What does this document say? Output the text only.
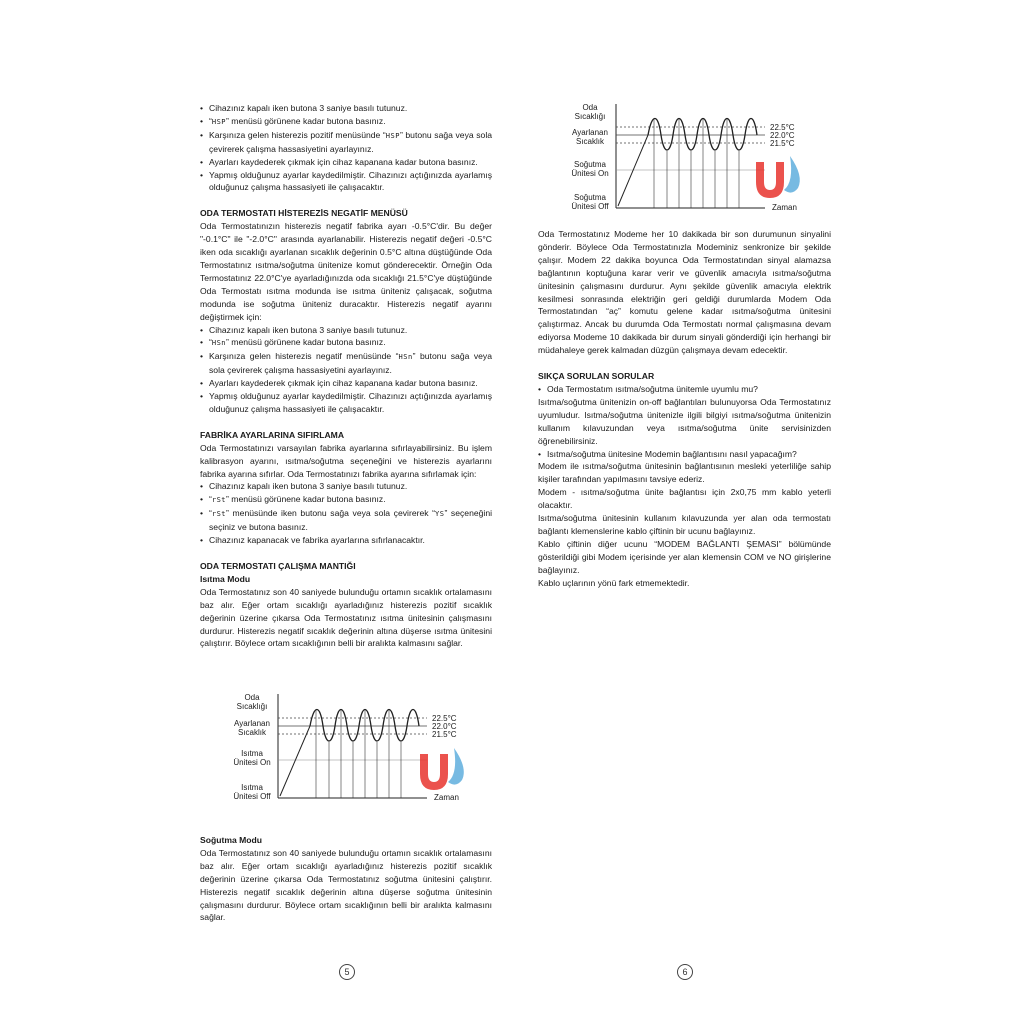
• Cihazınız kapalı iken butona 3 saniye basılı tutunuz.

• “HSP” menüsü görünene kadar butona basınız.

• Karşınıza gelen histerezis pozitif menüsünde “HSP” butonu sağa veya sola çevirerek çalışma hassasiyetini ayarlayınız.

• Ayarları kaydederek çıkmak için cihaz kapanana kadar butona basınız.

• Yapmış olduğunuz ayarlar kaydedilmiştir. Cihazınızı açtığınızda ayarlamış olduğunuz çalışma hassasiyeti ile çalışacaktır.

ODA TERMOSTATI HİSTEREZİS NEGATİF MENÜSÜ

Oda Termostatınızın histerezis negatif fabrika ayarı -0.5°C'dir. Bu değer "-0.1°C" ile "-2.0°C" arasında ayarlanabilir. Histerezis negatif değeri -0.5°C iken oda sıcaklığı ayarlanan sıcaklık değerinin 0.5°C altına düştüğünde Oda Termostatınız ısıtma/soğutma ünitenize komut gönderecektir. Örneğin Oda Termostatınız 22.0°C'ye ayarladığınızda oda sıcaklığı 21.5°C'ye düştüğünde Oda Termostatı ısıtma modunda ise ısıtma üniteniz çalışacak, soğutma modunda ise soğutma üniteniz duracaktır. Histerezis negatif ayarını değiştirmek için:

• Cihazınız kapalı iken butona 3 saniye basılı tutunuz.

• “HSn” menüsü görünene kadar butona basınız.

• Karşınıza gelen histerezis negatif menüsünde “HSn” butonu sağa veya sola çevirerek çalışma hassasiyetini ayarlayınız.

• Ayarları kaydederek çıkmak için cihaz kapanana kadar butona basınız.

• Yapmış olduğunuz ayarlar kaydedilmiştir. Cihazınızı açtığınızda ayarlamış olduğunuz çalışma hassasiyeti ile çalışacaktır.

FABRİKA AYARLARINA SIFIRLAMA

Oda Termostatınızı varsayılan fabrika ayarlarına sıfırlayabilirsiniz. Bu işlem kalibrasyon ayarını, ısıtma/soğutma seçeneğini ve histerezis ayarlarını fabrika ayarına sıfırlar. Oda Termostatınızı fabrika ayarına sıfırlamak için:

• Cihazınız kapalı iken butona 3 saniye basılı tutunuz.

• “rSt” menüsü görünene kadar butona basınız.

• “rSt” menüsünde iken butonu sağa veya sola çevirerek “YS” seçeneğini seçiniz ve butona basınız.

• Cihazınız kapanacak ve fabrika ayarlarına sıfırlanacaktır.

ODA TERMOSTATI ÇALIŞMA MANTIĞI
Isıtma Modu

Oda Termostatınız son 40 saniyede bulunduğu ortamın sıcaklık ortalamasını baz alır. Eğer ortam sıcaklığı ayarladığınız histerezis pozitif sıcaklık değerinin üzerine çıkarsa Oda Termostatınız ısıtma ünitesinin çalışmasını durdurur. Histerezis negatif sıcaklık değerinin altına düşerse ısıtma ünitesini çalıştırır. Böylece ortam sıcaklığının belli bir aralıkta kalmasını sağlar.

Oda
Sıcaklığı
Ayarlanan
Sıcaklık
Isıtma
Ünitesi On
Isıtma
Ünitesi Off
22.5°C
22.0°C
21.5°C
Zaman
Soğutma Modu

Oda Termostatınız son 40 saniyede bulunduğu ortamın sıcaklık ortalamasını baz alır. Eğer ortam sıcaklığı ayarladığınız histerezis pozitif sıcaklık değerinin üzerine çıkarsa Oda Termostatınız soğutma ünitesini çalıştırır. Histerezis negatif sıcaklık değerinin altına düşerse soğutma ünitesinin çalışmasını durdurur. Böylece ortam sıcaklığının belli bir aralıkta kalmasını sağlar.

Oda
Sıcaklığı
Ayarlanan
Sıcaklık
Soğutma
Ünitesi On
Soğutma
Ünitesi Off
22.5°C
22.0°C
21.5°C
Zaman

Oda Termostatınız Modeme her 10 dakikada bir son durumunun sinyalini gönderir. Böylece Oda Termostatınızla Modeminiz senkronize bir şekilde çalışır. Modem 22 dakika boyunca Oda Termostatından sinyal alamazsa bağlantının koptuğuna karar verir ve güvenlik amacıyla ısıtma/soğutma ünitesinin çalışmasını durdurur. Aynı şekilde güvenlik amacıyla elektrik kesilmesi sonrasında elektriğin geri geldiği durumlarda Modem Oda Termostatından “aç” komutu gelene kadar ısıtma/soğutma ünitesini çalıştırmaz. Ancak bu durumda Oda Termostatı normal çalışmasına devam ediyorsa Modeme 10 dakikada bir durum sinyali gönderdiği için herhangi bir müdahaleye gerek kalmadan düzgün çalışmaya devam edecektir.

SIKÇA SORULAN SORULAR

• Oda Termostatım ısıtma/soğutma ünitemle uyumlu mu?

Isıtma/soğutma ünitenizin on-off bağlantıları bulunuyorsa Oda Termostatınız uyumludur. Isıtma/soğutma ünitenizle ilgili bilgiyi ısıtma/soğutma ünitenizin kullanım kılavuzundan veya ısıtma/soğutma ünite servisinizden öğrenebilirsiniz.

• Isıtma/soğutma ünitesine Modemin bağlantısını nasıl yapacağım?

Modem ile ısıtma/soğutma ünitesinin bağlantısının mesleki yeterliliğe sahip kişiler tarafından yapılmasını tavsiye ederiz.

Modem - ısıtma/soğutma ünite bağlantısı için 2x0,75 mm kablo yeterli olacaktır.

Isıtma/soğutma ünitesinin kullanım kılavuzunda yer alan oda termostatı bağlantı klemenslerine kablo çiftinin bir ucunu bağlayınız.

Kablo çiftinin diğer ucunu “MODEM BAĞLANTI ŞEMASI” bölümünde gösterildiği gibi Modem içerisinde yer alan klemensin COM ve NO girişlerine bağlayınız.

Kablo uçlarının yönü fark etmemektedir.

5	6
